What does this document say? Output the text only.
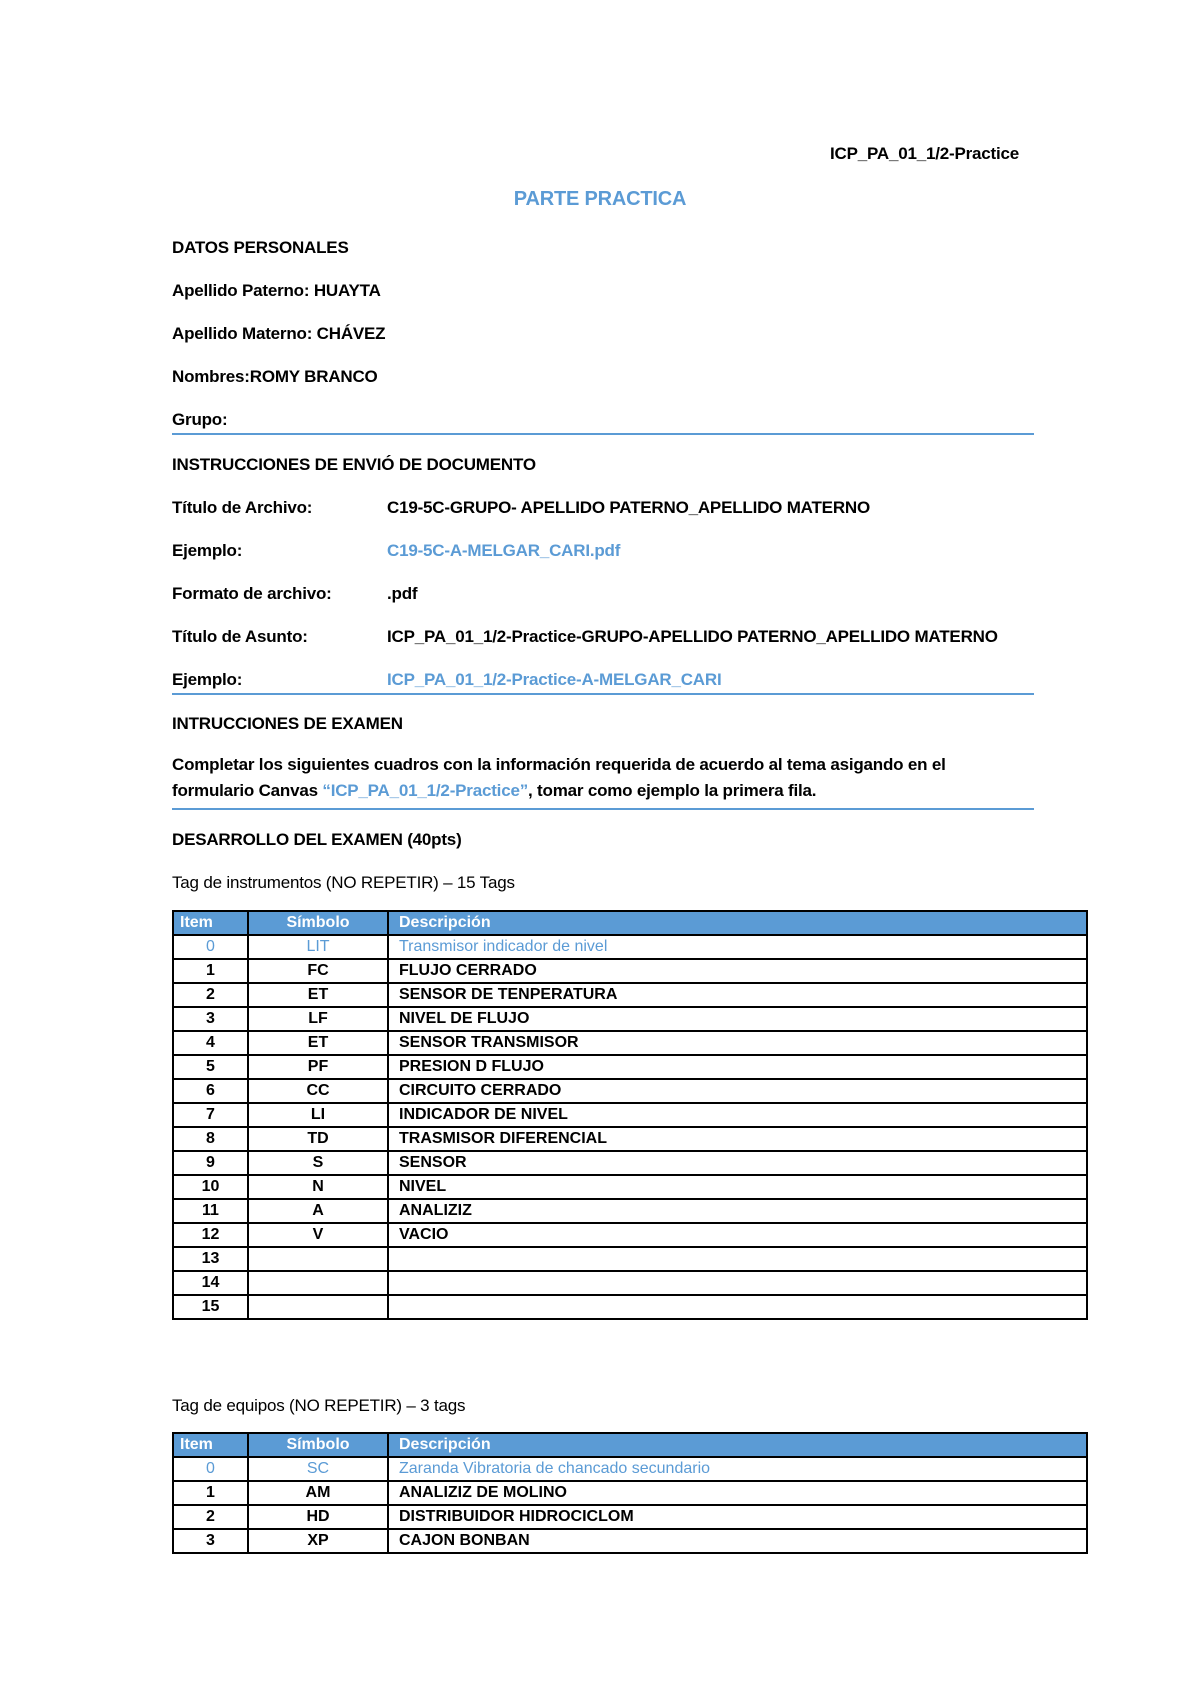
ICP_PA_01_1/2-Practice
PARTE PRACTICA
DATOS PERSONALES
Apellido Paterno: HUAYTA
Apellido Materno: CHÁVEZ
Nombres:ROMY BRANCO
Grupo:
INSTRUCCIONES DE ENVIÓ DE DOCUMENTO
Título de Archivo:	C19-5C-GRUPO- APELLIDO PATERNO_APELLIDO MATERNO
Ejemplo:	C19-5C-A-MELGAR_CARI.pdf
Formato de archivo:	.pdf
Título de Asunto:	ICP_PA_01_1/2-Practice-GRUPO-APELLIDO PATERNO_APELLIDO MATERNO
Ejemplo:	ICP_PA_01_1/2-Practice-A-MELGAR_CARI
INTRUCCIONES DE EXAMEN
Completar los siguientes cuadros con la información requerida de acuerdo al tema asigando en el formulario Canvas “ICP_PA_01_1/2-Practice”, tomar como ejemplo la primera fila.
DESARROLLO DEL EXAMEN (40pts)
Tag de instrumentos (NO REPETIR) – 15 Tags
Item	Símbolo	Descripción
0	LIT	Transmisor indicador de nivel
1	FC	FLUJO CERRADO
2	ET	SENSOR DE TENPERATURA
3	LF	NIVEL DE FLUJO
4	ET	SENSOR TRANSMISOR
5	PF	PRESION D FLUJO
6	CC	CIRCUITO CERRADO
7	LI	INDICADOR DE NIVEL
8	TD	TRASMISOR DIFERENCIAL
9	S	SENSOR
10	N	NIVEL
11	A	ANALIZIZ
12	V	VACIO
13		
14		
15		
Tag de equipos (NO REPETIR) – 3 tags
Item	Símbolo	Descripción
0	SC	Zaranda Vibratoria de chancado secundario
1	AM	ANALIZIZ DE MOLINO
2	HD	DISTRIBUIDOR HIDROCICLOM
3	XP	CAJON BONBAN
